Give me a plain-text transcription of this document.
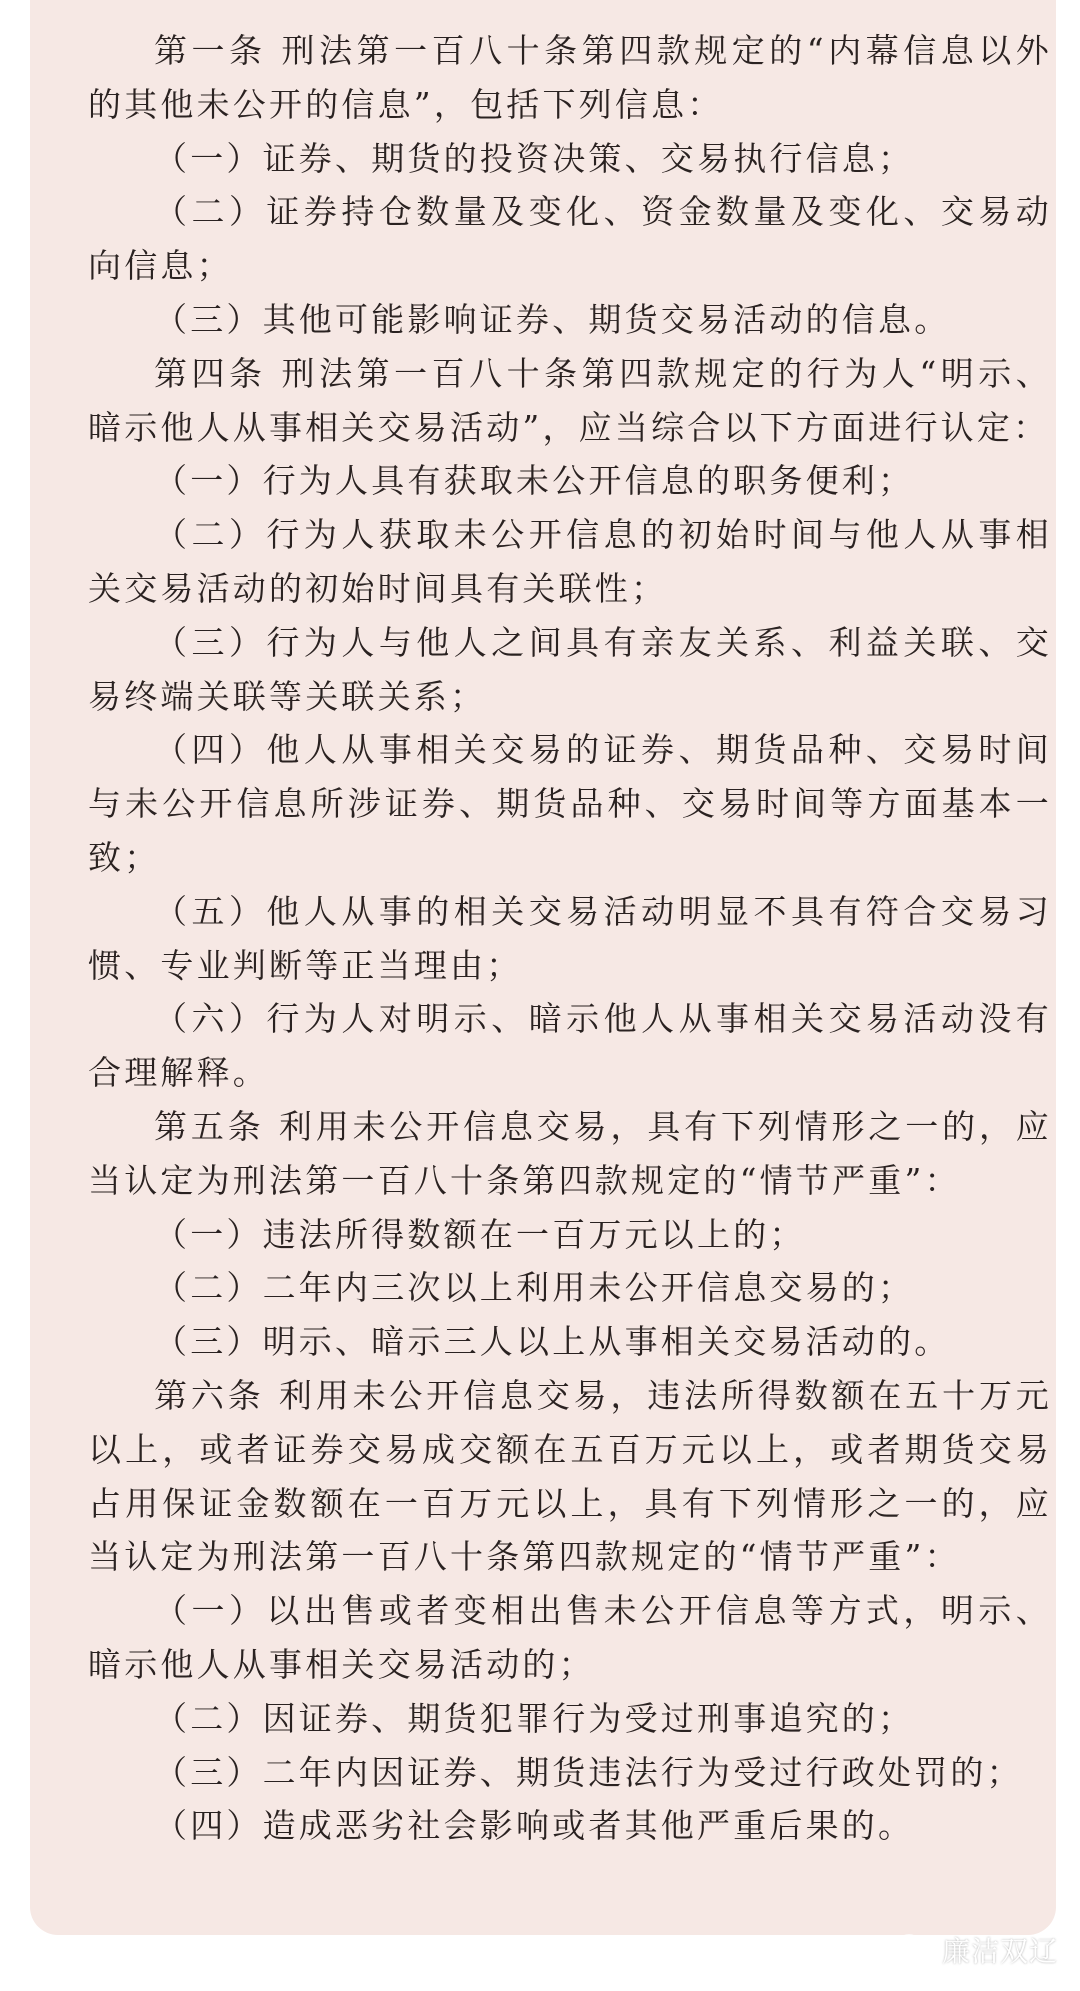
第一条 刑法第一百八十条第四款规定的“内幕信息以外的其他未公开的信息”，包括下列信息：

（一）证券、期货的投资决策、交易执行信息；

（二）证券持仓数量及变化、资金数量及变化、交易动向信息；

（三）其他可能影响证券、期货交易活动的信息。

第四条 刑法第一百八十条第四款规定的行为人“明示、暗示他人从事相关交易活动”，应当综合以下方面进行认定：

（一）行为人具有获取未公开信息的职务便利；

（二）行为人获取未公开信息的初始时间与他人从事相关交易活动的初始时间具有关联性；

（三）行为人与他人之间具有亲友关系、利益关联、交易终端关联等关联关系；

（四）他人从事相关交易的证券、期货品种、交易时间与未公开信息所涉证券、期货品种、交易时间等方面基本一致；

（五）他人从事的相关交易活动明显不具有符合交易习惯、专业判断等正当理由；

（六）行为人对明示、暗示他人从事相关交易活动没有合理解释。

第五条 利用未公开信息交易，具有下列情形之一的，应当认定为刑法第一百八十条第四款规定的“情节严重”：

（一）违法所得数额在一百万元以上的；

（二）二年内三次以上利用未公开信息交易的；

（三）明示、暗示三人以上从事相关交易活动的。

第六条 利用未公开信息交易，违法所得数额在五十万元以上，或者证券交易成交额在五百万元以上，或者期货交易占用保证金数额在一百万元以上，具有下列情形之一的，应当认定为刑法第一百八十条第四款规定的“情节严重”：

（一）以出售或者变相出售未公开信息等方式，明示、暗示他人从事相关交易活动的；

（二）因证券、期货犯罪行为受过刑事追究的；

（三）二年内因证券、期货违法行为受过行政处罚的；

（四）造成恶劣社会影响或者其他严重后果的。

廉洁双辽
